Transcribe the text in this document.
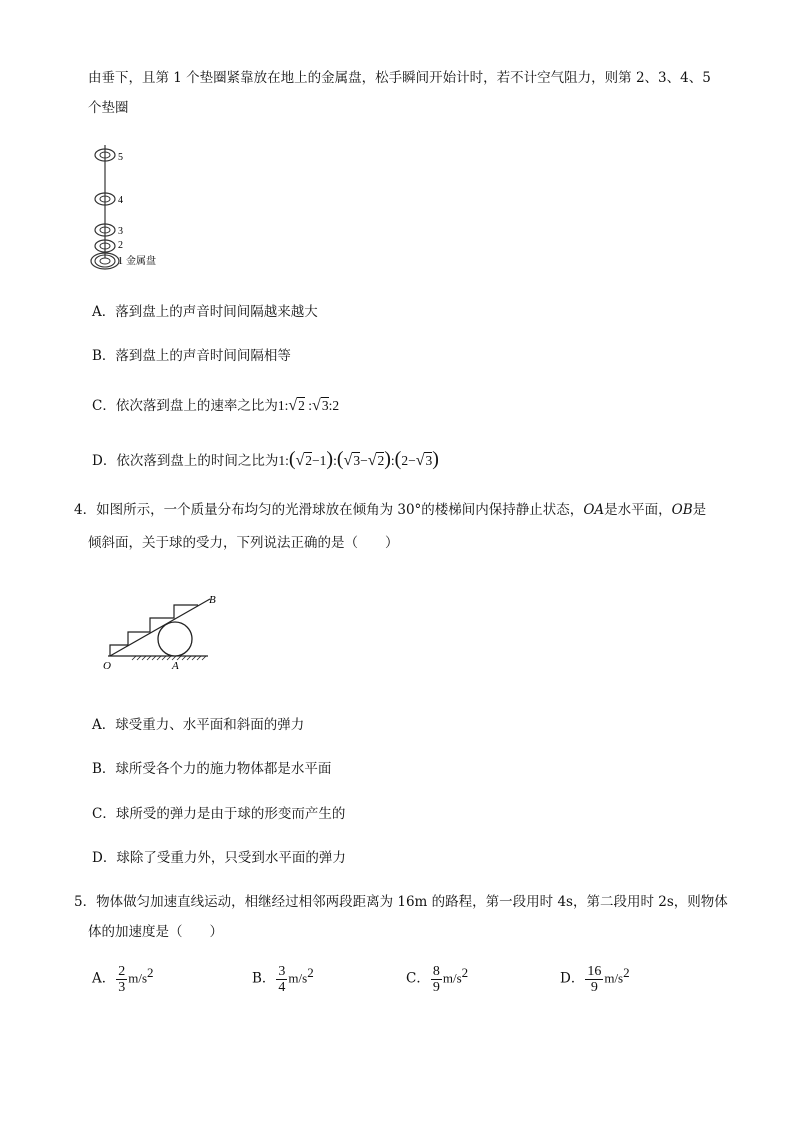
由垂下，且第 1 个垫圈紧靠放在地上的金属盘，松手瞬间开始计时，若不计空气阻力，则第 2、3、4、5
个垫圈
5
4
3
2
1 金属盘
A．落到盘上的声音时间间隔越来越大
B．落到盘上的声音时间间隔相等
C．依次落到盘上的速率之比为1:√2 :√3:2
D．依次落到盘上的时间之比为1:(√2−1):(√3−√2):(2−√3)
4．如图所示，一个质量分布均匀的光滑球放在倾角为 30°的楼梯间内保持静止状态，OA是水平面，OB是
倾斜面，关于球的受力，下列说法正确的是（　　）
B
O	A
A．球受重力、水平面和斜面的弹力
B．球所受各个力的施力物体都是水平面
C．球所受的弹力是由于球的形变而产生的
D．球除了受重力外，只受到水平面的弹力
5．物体做匀加速直线运动，相继经过相邻两段距离为 16m 的路程，第一段用时 4s，第二段用时 2s，则物体
体的加速度是（　　）
A． $\frac{2}{3} m/s^2$	B． $\frac{3}{4} m/s^2$	C． $\frac{8}{9} m/s^2$	D． $\frac{16}{9} m/s^2$
